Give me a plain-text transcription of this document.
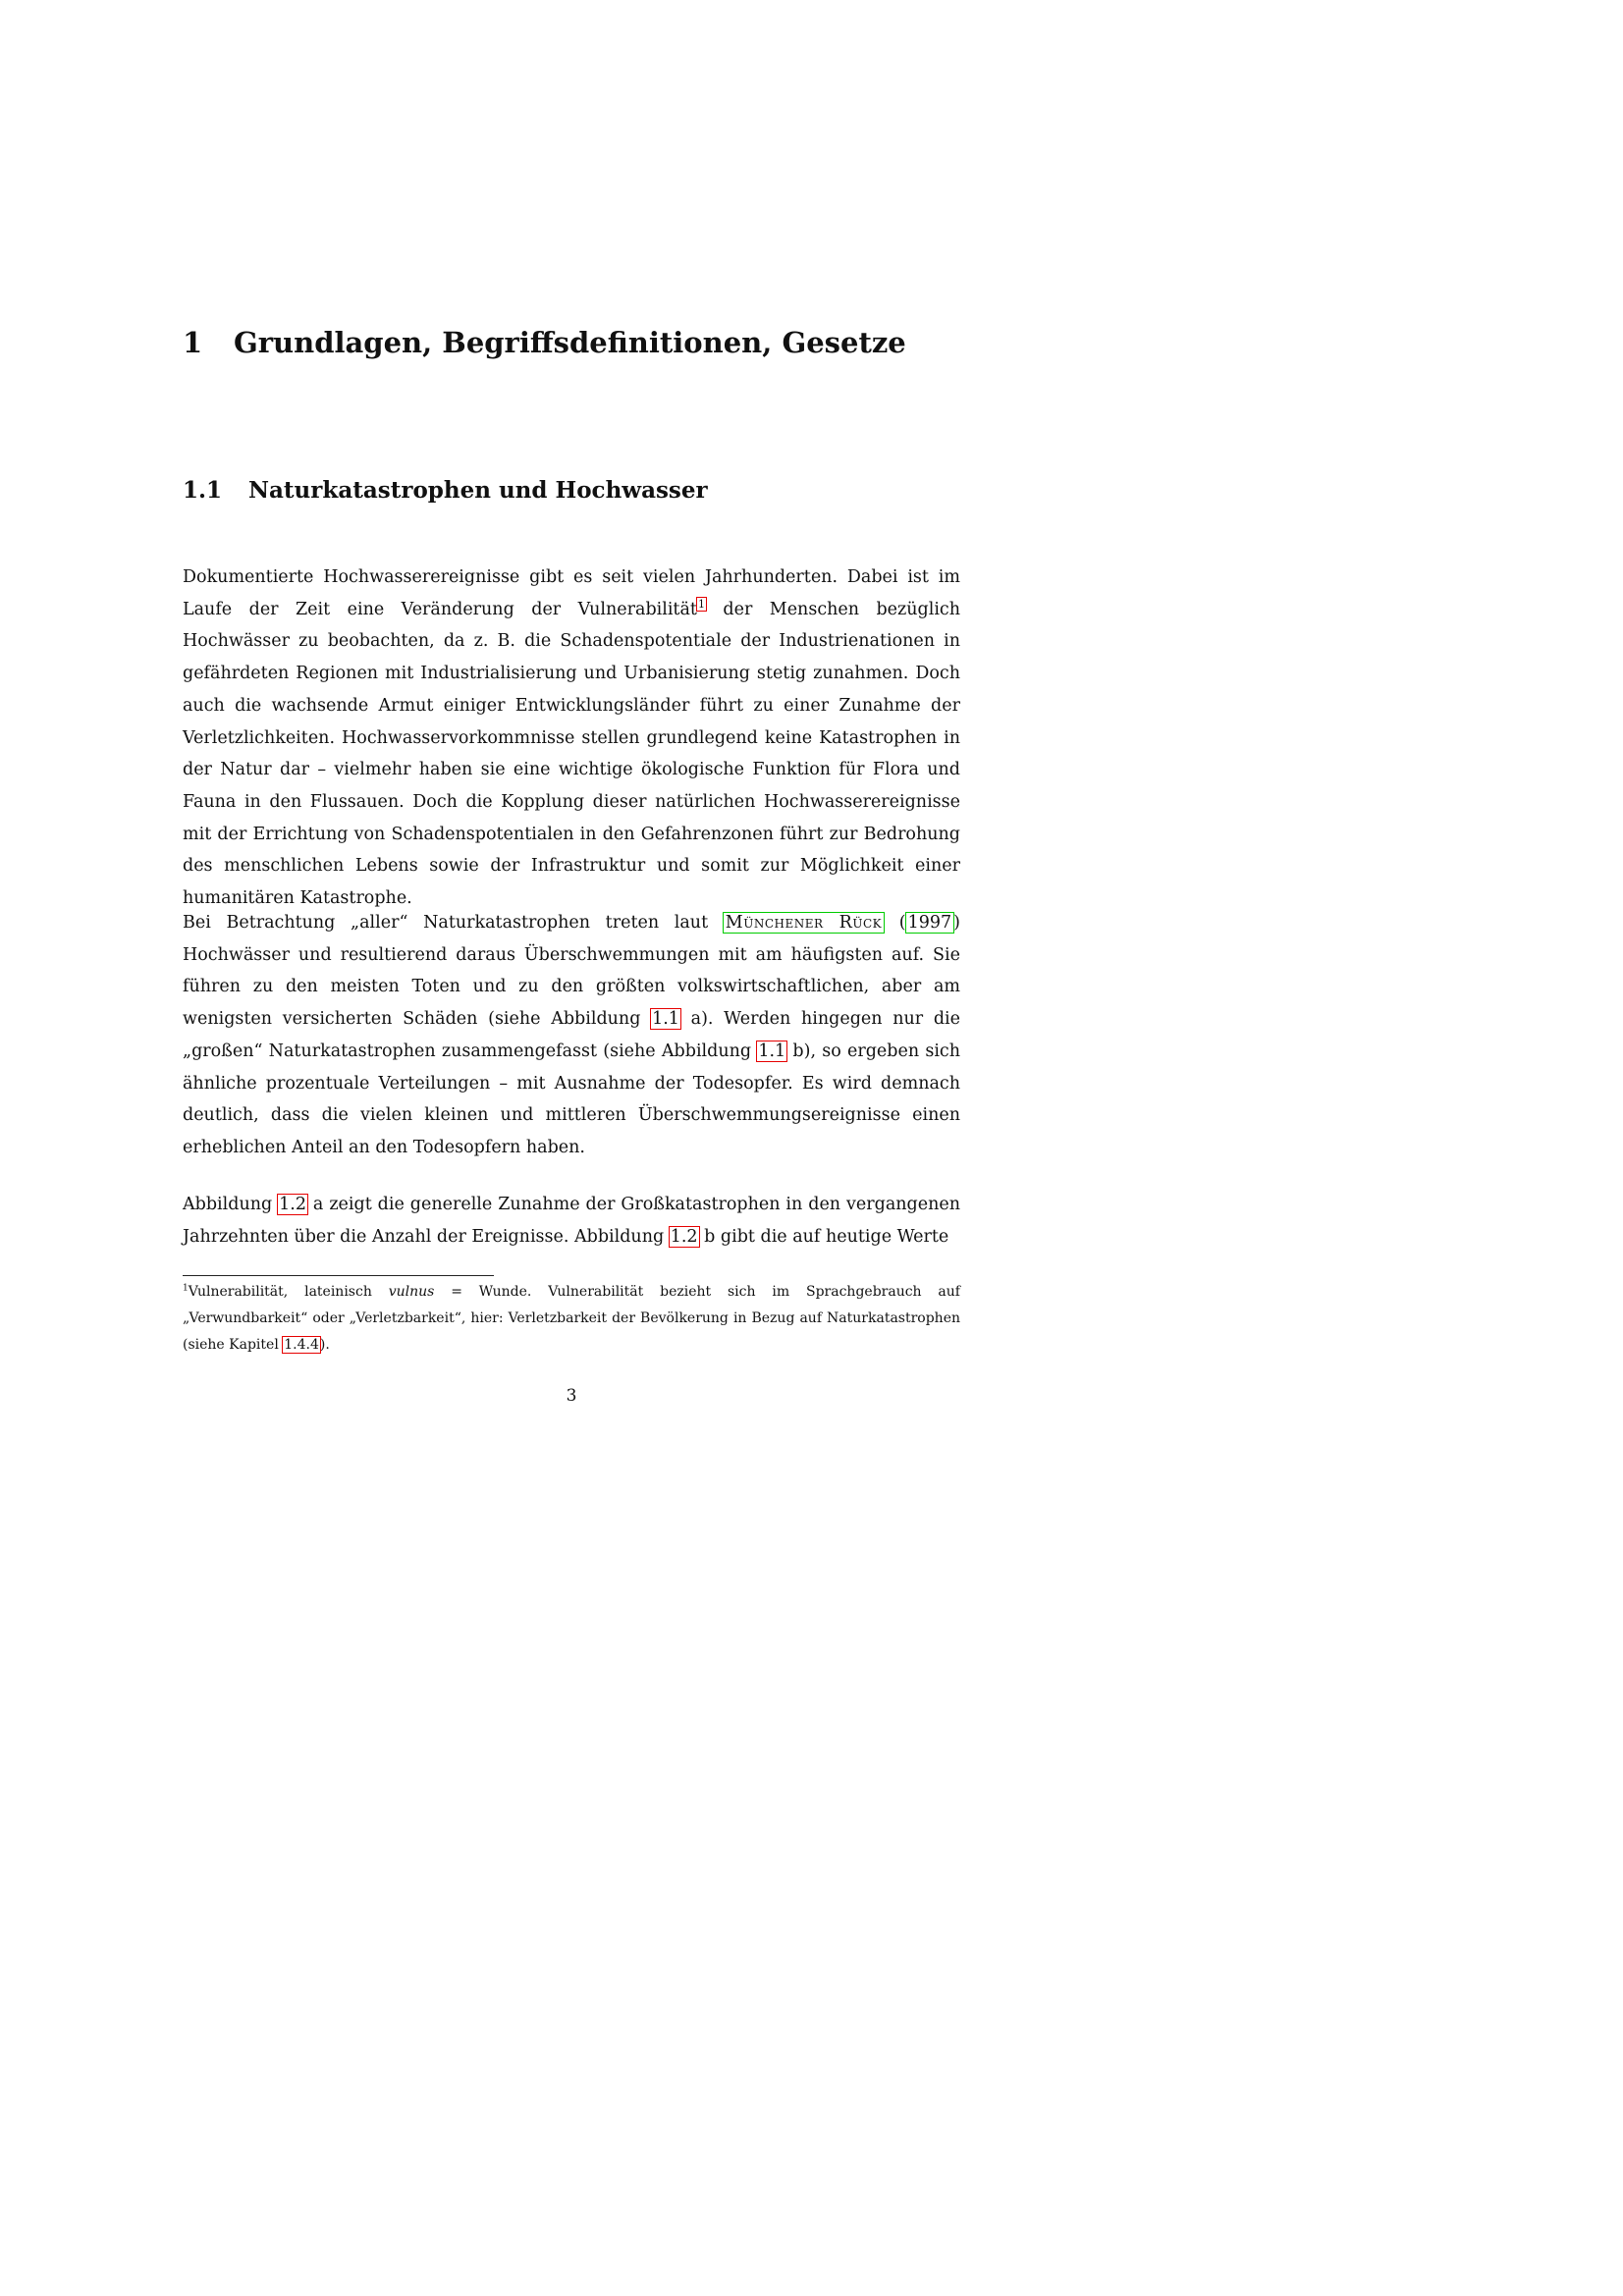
1 Grundlagen, Begriffsdefinitionen, Gesetze
1.1 Naturkatastrophen und Hochwasser

Dokumentierte Hochwasserereignisse gibt es seit vielen Jahrhunderten. Dabei ist im Laufe der Zeit eine Veränderung der Vulnerabilität$^1$ der Menschen bezüglich Hochwässer zu beobachten, da z. B. die Schadenspotentiale der Industrienationen in gefährdeten Regionen mit Industrialisierung und Urbanisierung stetig zunahmen. Doch auch die wachsende Armut einiger Entwicklungsländer führt zu einer Zunahme der Verletzlichkeiten. Hochwasservorkommnisse stellen grundlegend keine Katastrophen in der Natur dar – vielmehr haben sie eine wichtige ökologische Funktion für Flora und Fauna in den Flussauen. Doch die Kopplung dieser natürlichen Hochwasserereignisse mit der Errichtung von Schadenspotentialen in den Gefahrenzonen führt zur Bedrohung des menschlichen Lebens sowie der Infrastruktur und somit zur Möglichkeit einer humanitären Katastrophe.

Bei Betrachtung „aller“ Naturkatastrophen treten laut Münchener Rück ( 1997 ) Hochwässer und resultierend daraus Überschwemmungen mit am häufigsten auf. Sie führen zu den meisten Toten und zu den größten volkswirtschaftlichen, aber am wenigsten versicherten Schäden (siehe Abbildung 1.1 a). Werden hingegen nur die „großen“ Naturkatastrophen zusammengefasst (siehe Abbildung 1.1 b), so ergeben sich ähnliche prozentuale Verteilungen – mit Ausnahme der Todesopfer. Es wird demnach deutlich, dass die vielen kleinen und mittleren Überschwemmungsereignisse einen erheblichen Anteil an den Todesopfern haben.

Abbildung 1.2 a zeigt die generelle Zunahme der Großkatastrophen in den vergangenen Jahrzehnten über die Anzahl der Ereignisse. Abbildung 1.2 b gibt die auf heutige Werte

$^1$Vulnerabilität, lateinisch vulnus = Wunde. Vulnerabilität bezieht sich im Sprachgebrauch auf „Verwundbarkeit“ oder „Verletzbarkeit“, hier: Verletzbarkeit der Bevölkerung in Bezug auf Naturkatastrophen (siehe Kapitel 1.4.4).

3
